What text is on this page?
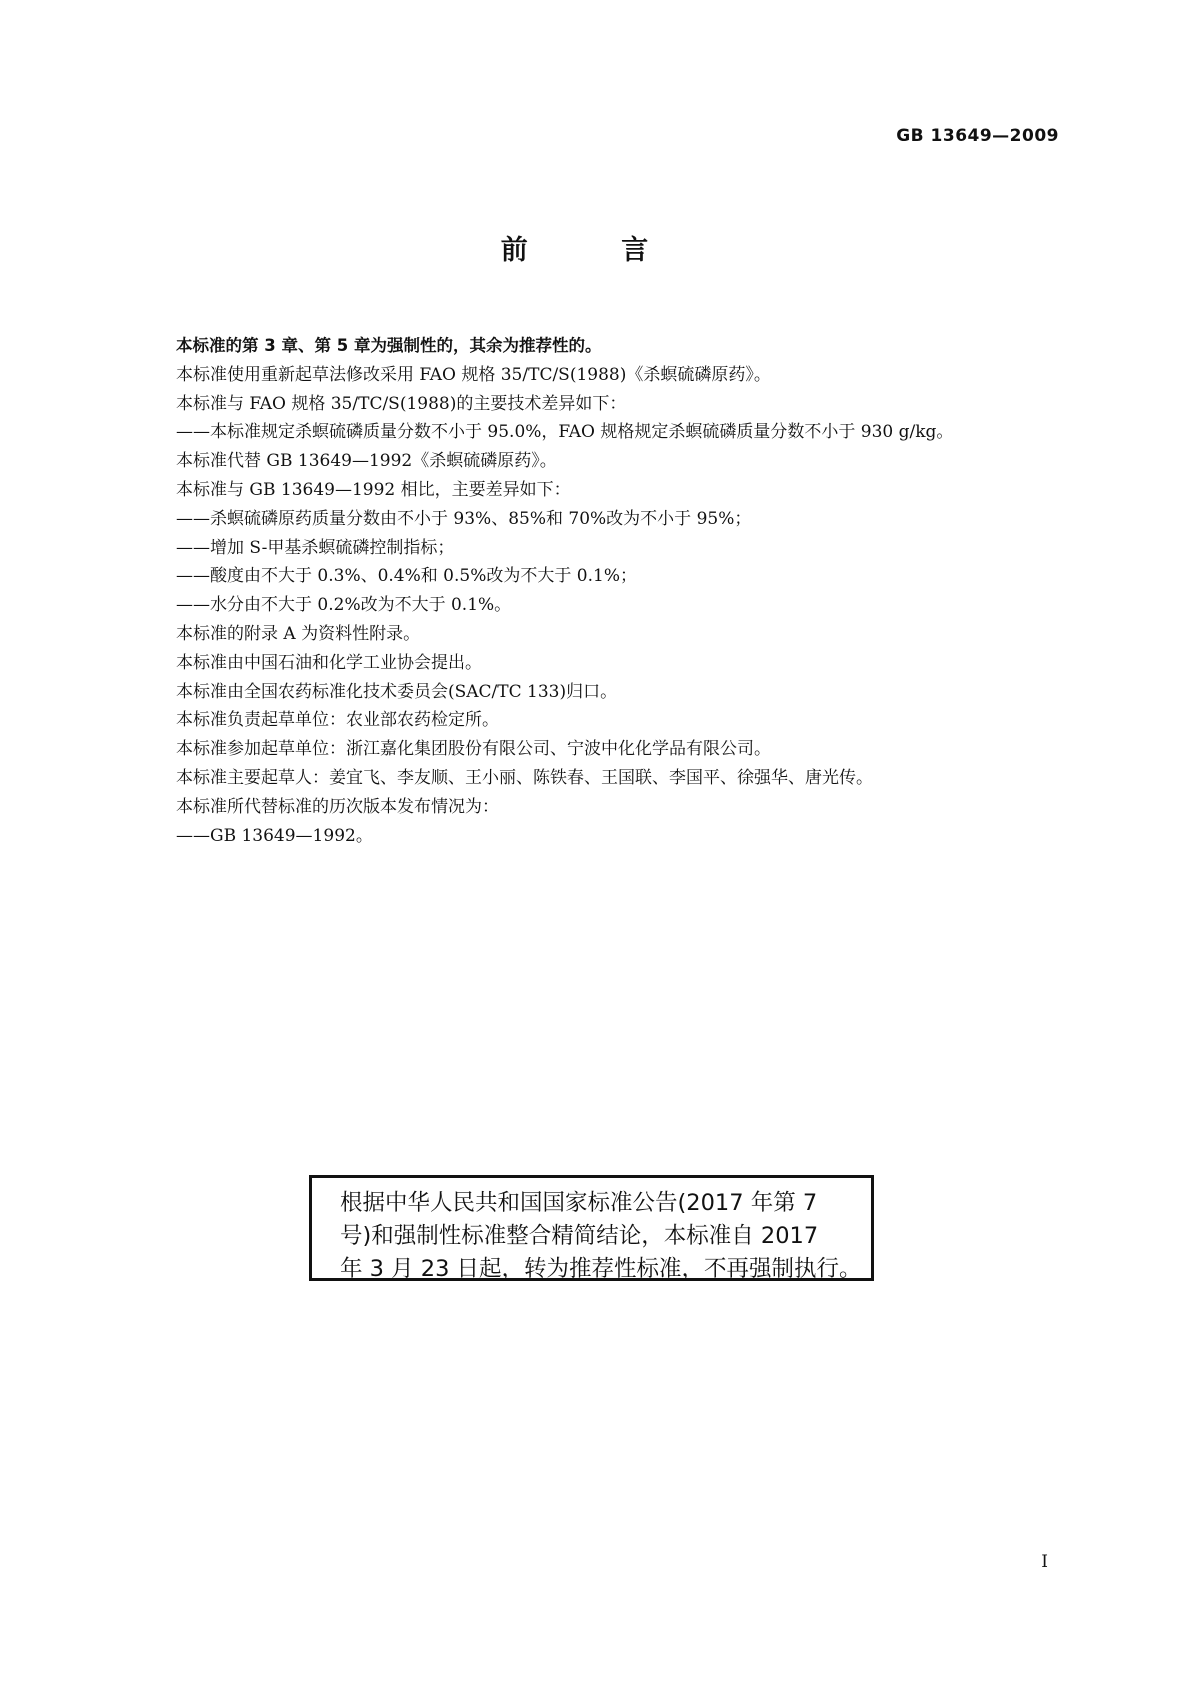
GB 13649—2009
前 言

本标准的第 3 章、第 5 章为强制性的，其余为推荐性的。

本标准使用重新起草法修改采用 FAO 规格 35/TC/S(1988)《杀螟硫磷原药》。

本标准与 FAO 规格 35/TC/S(1988)的主要技术差异如下：

——本标准规定杀螟硫磷质量分数不小于 95.0%，FAO 规格规定杀螟硫磷质量分数不小于 930 g/kg。

本标准代替 GB 13649—1992《杀螟硫磷原药》。

本标准与 GB 13649—1992 相比，主要差异如下：

——杀螟硫磷原药质量分数由不小于 93%、85%和 70%改为不小于 95%；

——增加 S-甲基杀螟硫磷控制指标；

——酸度由不大于 0.3%、0.4%和 0.5%改为不大于 0.1%；

——水分由不大于 0.2%改为不大于 0.1%。

本标准的附录 A 为资料性附录。

本标准由中国石油和化学工业协会提出。

本标准由全国农药标准化技术委员会(SAC/TC 133)归口。

本标准负责起草单位：农业部农药检定所。

本标准参加起草单位：浙江嘉化集团股份有限公司、宁波中化化学品有限公司。

本标准主要起草人：姜宜飞、李友顺、王小丽、陈铁春、王国联、李国平、徐强华、唐光传。

本标准所代替标准的历次版本发布情况为：

——GB 13649—1992。

根据中华人民共和国国家标准公告(2017 年第 7
号)和强制性标准整合精简结论，本标准自 2017
年 3 月 23 日起，转为推荐性标准，不再强制执行。
I
